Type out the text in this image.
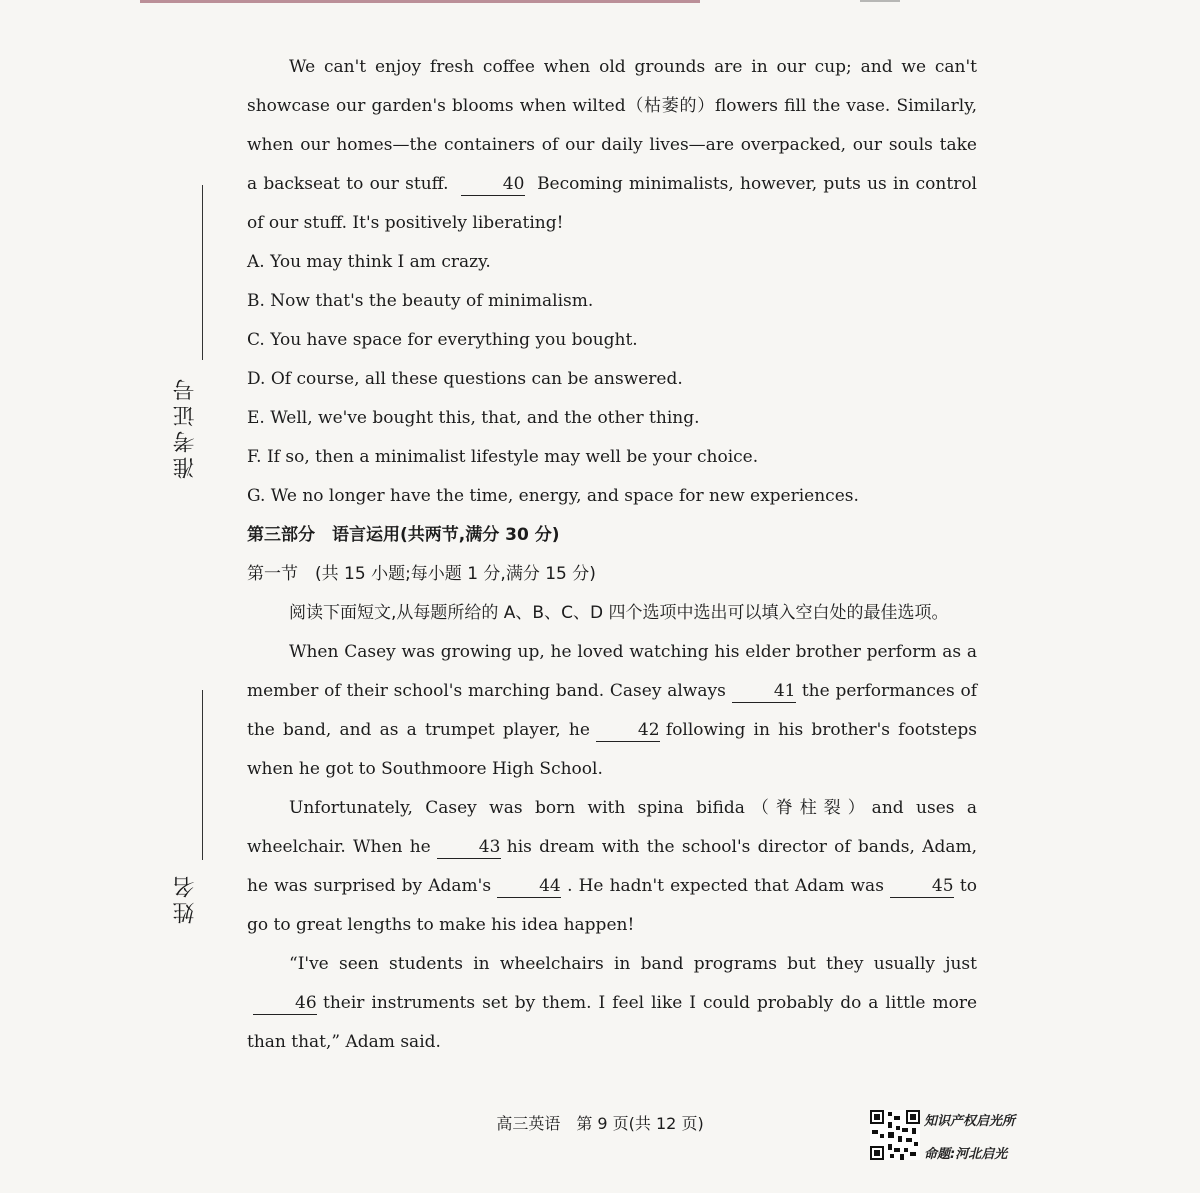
准考证号
姓名

We can't enjoy fresh coffee when old grounds are in our cup; and we can't showcase our garden's blooms when wilted（枯萎的）flowers fill the vase. Similarly, when our homes—the containers of our daily lives—are overpacked, our souls take a backseat to our stuff.	40 Becoming minimalists, however, puts us in control of our stuff. It's positively liberating!

A. You may think I am crazy.

B. Now that's the beauty of minimalism.

C. You have space for everything you bought.

D. Of course, all these questions can be answered.

E. Well, we've bought this, that, and the other thing.

F. If so, then a minimalist lifestyle may well be your choice.

G. We no longer have the time, energy, and space for new experiences.

第三部分　语言运用(共两节,满分 30 分)

第一节　(共 15 小题;每小题 1 分,满分 15 分)

阅读下面短文,从每题所给的 A、B、C、D 四个选项中选出可以填入空白处的最佳选项。

When Casey was growing up, he loved watching his elder brother perform as a member of their school's marching band. Casey always	41 the performances of the band, and as a trumpet player, he	42 following in his brother's footsteps when he got to Southmoore High School.

Unfortunately, Casey was born with spina bifida（脊柱裂）and uses a wheelchair. When he	43 his dream with the school's director of bands, Adam, he was surprised by Adam's	44 . He hadn't expected that Adam was	45 to go to great lengths to make his idea happen!

“I've seen students in wheelchairs in band programs but they usually just46 their instruments set by them. I feel like I could probably do a little more than that,” Adam said.

高三英语　第 9 页(共 12 页)	知识产权启光所
命题:河北启光
